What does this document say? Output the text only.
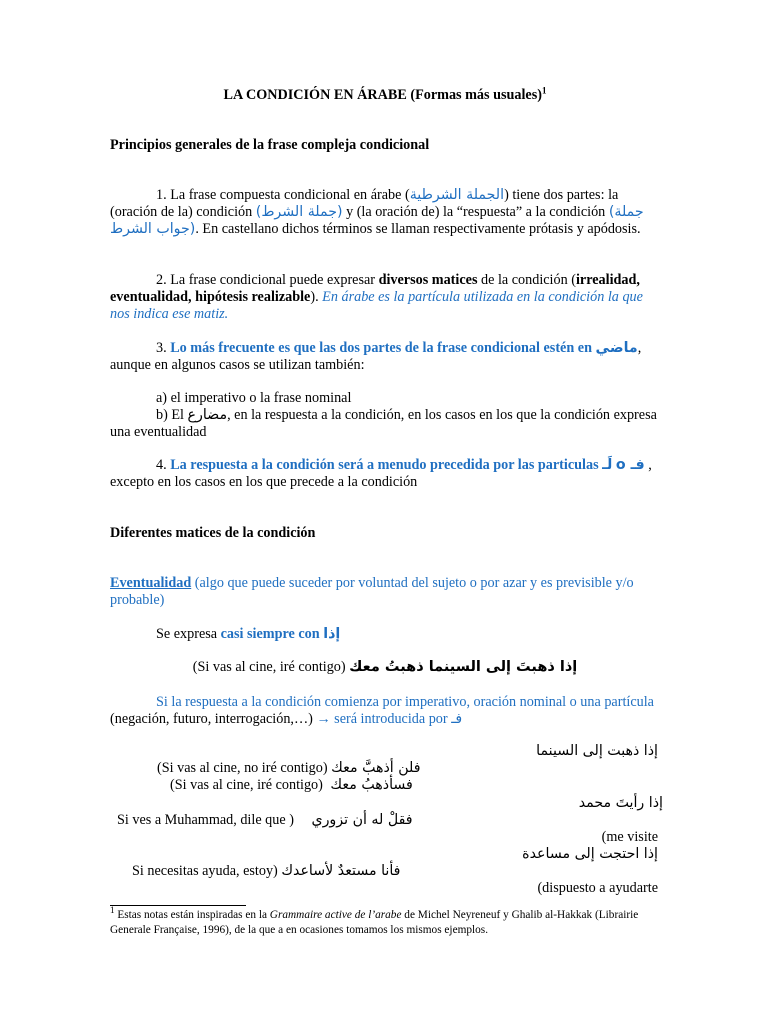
LA CONDICIÓN EN ÁRABE (Formas más usuales)$^1$
Principios generales de la frase compleja condicional
1. La frase compuesta condicional en árabe (الجملة الشرطية) tiene dos partes: la (oración de la) condición (جملة الشرط) y (la oración de) la “respuesta” a la condición (جملة جواب الشرط). En castellano dichos términos se llaman respectivamente prótasis y apódosis.
2. La frase condicional puede expresar diversos matices de la condición (irrealidad, eventualidad, hipótesis realizable). En árabe es la partícula utilizada en la condición la que nos indica ese matiz.
3. Lo más frecuente es que las dos partes de la frase condicional estén en ماضي, aunque en algunos casos se utilizan también:
a) el imperativo o la frase nominal
b) El مضارع, en la respuesta a la condición, en los casos en los que la condición expresa una eventualidad
4. La respuesta a la condición será a menudo precedida por las particulas لَـ o فـ , excepto en los casos en los que precede a la condición
Diferentes matices de la condición
Eventualidad (algo que puede suceder por voluntad del sujeto o por azar y es previsible y/o probable)
Se expresa casi siempre con إذا
(Si vas al cine, iré contigo) إذا ذهبتَ إلى السينما ذهبتُ معك
Si la respuesta a la condición comienza por imperativo, oración nominal o una partícula (negación, futuro, interrogación,…) → será introducida por فـ
إذا ذهبت إلى السينما
(Si vas al cine, no iré contigo) فلن أذهبَّ معك
(Si vas al cine, iré contigo) فسأذهبُ معك
إذا رأيتَ محمد
Si ves a Muhammad, dile que ) فقلْ له أن تزوري
(me visite
إذا احتجت إلى مساعدة
Si necesitas ayuda, estoy) فأنا مستعدٌ لأساعدك
(dispuesto a ayudarte
$^1$ Estas notas están inspiradas en la Grammaire active de l’arabe de Michel Neyreneuf y Ghalib al-Hakkak (Librairie Generale Française, 1996), de la que a en ocasiones tomamos los mismos ejemplos.
